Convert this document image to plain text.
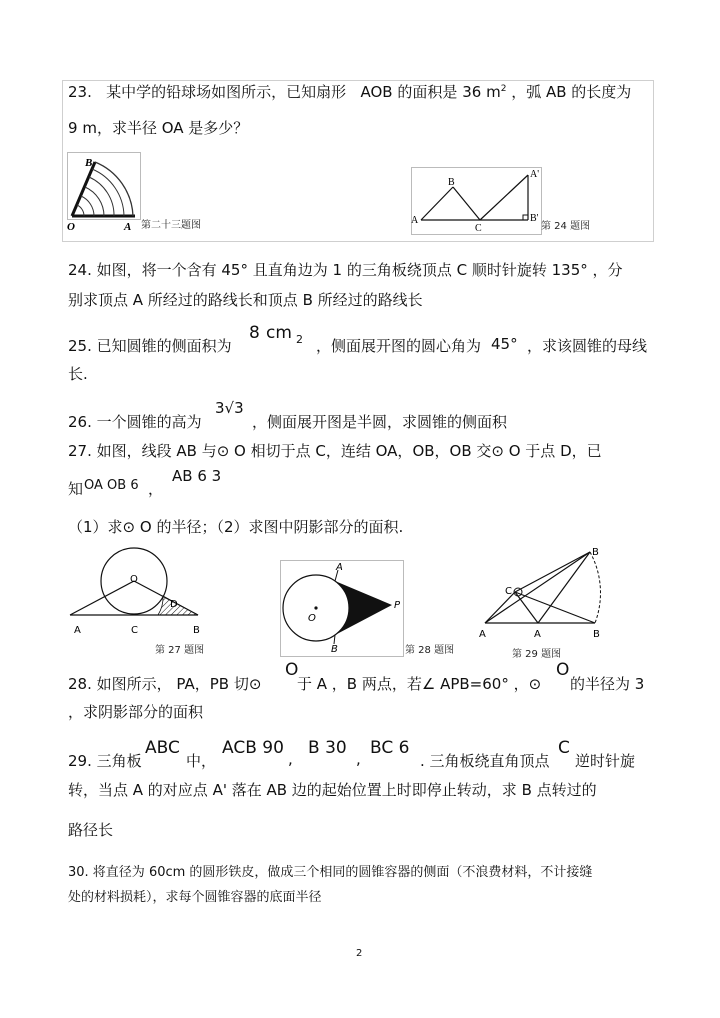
23. 某中学的铅球场如图所示，已知扇形 AOB 的面积是 36 $m^2$ ，弧 AB 的长度为
9 m，求半径 OA 是多少？
B
O	A 第二十三题图	A
B
C
A'
B'
第 24 题图
24. 如图，将一个含有 45° 且直角边为 1 的三角板绕顶点 C 顺时针旋转 135° ，分
别求顶点 A 所经过的路线长和顶点 B 所经过的路线长
25. 已知圆锥的侧面积为
8 cm 2 ，侧面展开图的圆心角为 45° ，求该圆锥的母线
长.
26. 一个圆锥的高为
3√3
，侧面展开图是半圆，求圆锥的侧面积
27. 如图，线段 AB 与⊙ O 相切于点 C，连结 OA，OB，OB 交⊙ O 于点 D，已
知 OA OB 6 ，
AB 6 3
（1）求⊙ O 的半径；（2）求图中阴影部分的面积.
O
D
A	C	B
第 27 题图
A
O
P
B	第 28 题图
B
C
A	A	B
第 29 题图
28. 如图所示， PA，PB 切⊙
O
于 A ，B 两点，若∠ APB=60° ，⊙
O
的半径为 3
，求阴影部分的面积
29. 三角板
ABC
中，
ACB 90
,
B 30
,
BC 6
. 三角板绕直角顶点
C
逆时针旋
转，当点 A 的对应点 A' 落在 AB 边的起始位置上时即停止转动，求 B 点转过的
路径长
30. 将直径为 60cm 的圆形铁皮，做成三个相同的圆锥容器的侧面（不浪费材料，不计接缝
处的材料损耗），求每个圆锥容器的底面半径
2
